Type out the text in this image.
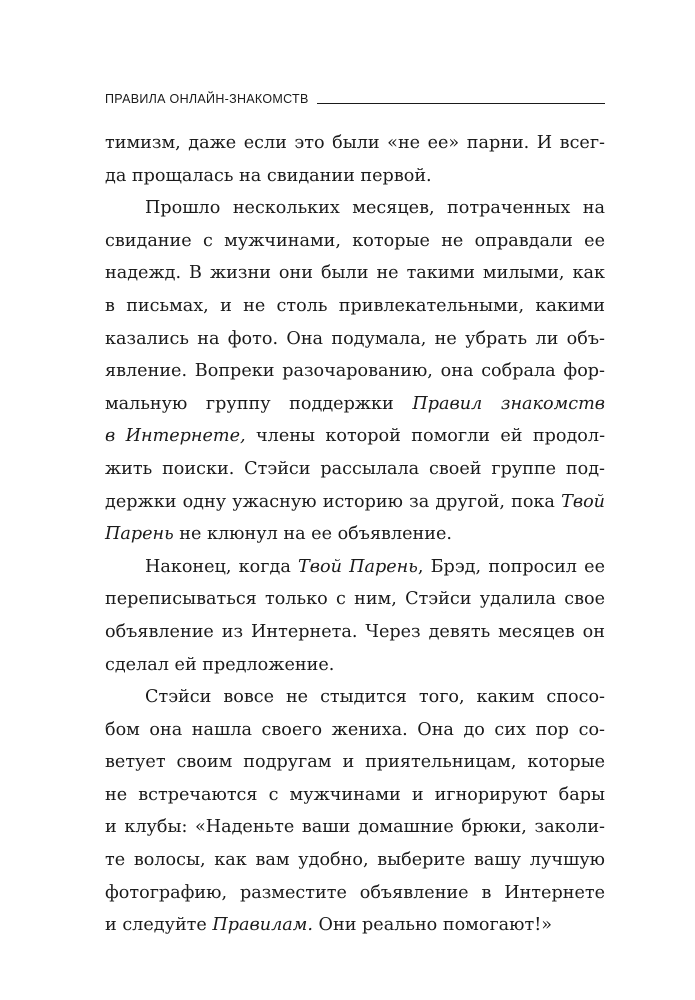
ПРАВИЛА ОНЛАЙН-ЗНАКОМСТВ
тимизм, даже если это были «не ее» парни. И всег-
да прощалась на свидании первой.
Прошло нескольких месяцев, потраченных на
свидание с мужчинами, которые не оправдали ее
надежд. В жизни они были не такими милыми, как
в письмах, и не столь привлекательными, какими
казались на фото. Она подумала, не убрать ли объ-
явление. Вопреки разочарованию, она собрала фор-
мальную группу поддержки Правил знакомств
в Интернете, члены которой помогли ей продол-
жить поиски. Стэйси рассылала своей группе под-
держки одну ужасную историю за другой, пока Твой
Парень не клюнул на ее объявление.
Наконец, когда Твой Парень, Брэд, попросил ее
переписываться только с ним, Стэйси удалила свое
объявление из Интернета. Через девять месяцев он
сделал ей предложение.
Стэйси вовсе не стыдится того, каким спосо-
бом она нашла своего жениха. Она до сих пор со-
ветует своим подругам и приятельницам, которые
не встречаются с мужчинами и игнорируют бары
и клубы: «Наденьте ваши домашние брюки, заколи-
те волосы, как вам удобно, выберите вашу лучшую
фотографию, разместите объявление в Интернете
и следуйте Правилам. Они реально помогают!»
